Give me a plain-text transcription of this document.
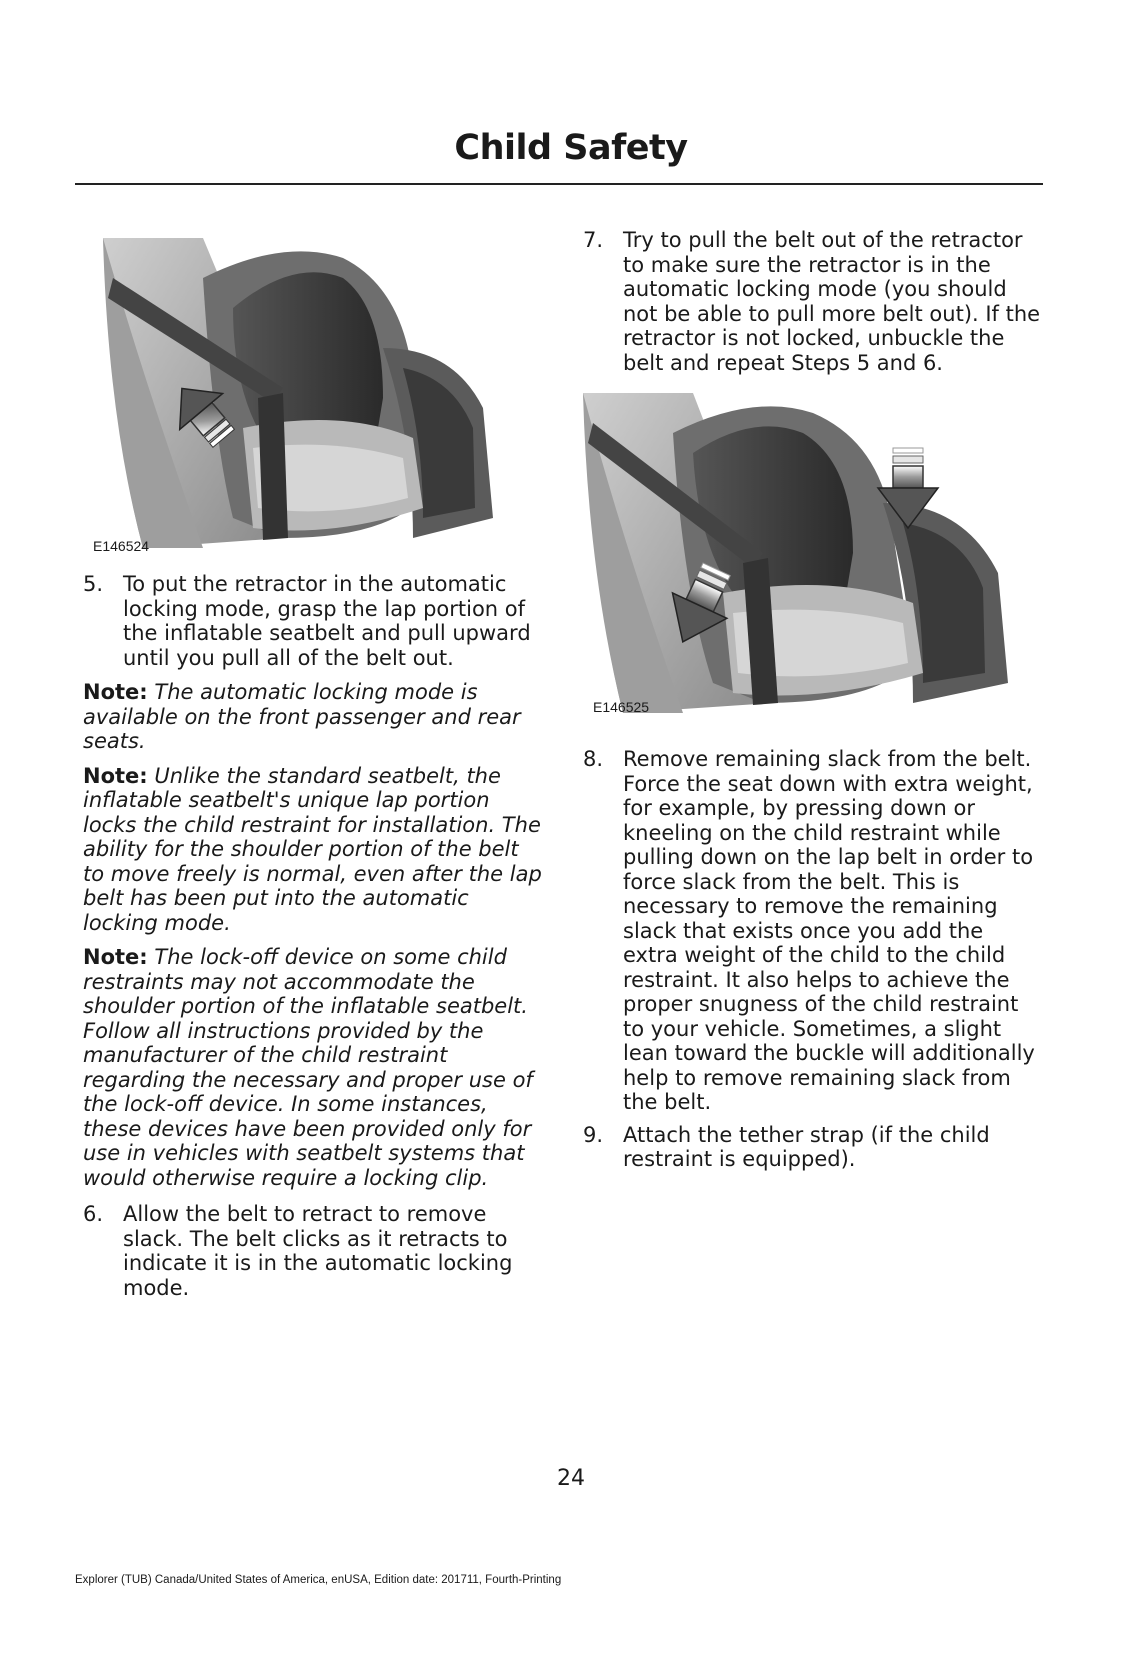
Child Safety
E146524
5. To put the retractor in the automatic locking mode, grasp the lap portion of the inflatable seatbelt and pull upward until you pull all of the belt out.

Note: The automatic locking mode is available on the front passenger and rear seats.

Note: Unlike the standard seatbelt, the inflatable seatbelt's unique lap portion locks the child restraint for installation. The ability for the shoulder portion of the belt to move freely is normal, even after the lap belt has been put into the automatic locking mode.

Note: The lock-off device on some child restraints may not accommodate the shoulder portion of the inflatable seatbelt. Follow all instructions provided by the manufacturer of the child restraint regarding the necessary and proper use of the lock-off device. In some instances, these devices have been provided only for use in vehicles with seatbelt systems that would otherwise require a locking clip.

6. Allow the belt to retract to remove slack. The belt clicks as it retracts to indicate it is in the automatic locking mode.
7. Try to pull the belt out of the retractor to make sure the retractor is in the automatic locking mode (you should not be able to pull more belt out). If the retractor is not locked, unbuckle the belt and repeat Steps 5 and 6.
E146525
8. Remove remaining slack from the belt. Force the seat down with extra weight, for example, by pressing down or kneeling on the child restraint while pulling down on the lap belt in order to force slack from the belt. This is necessary to remove the remaining slack that exists once you add the extra weight of the child to the child restraint. It also helps to achieve the proper snugness of the child restraint to your vehicle. Sometimes, a slight lean toward the buckle will additionally help to remove remaining slack from the belt.
9. Attach the tether strap (if the child restraint is equipped).
24
Explorer (TUB) Canada/United States of America, enUSA, Edition date: 201711, Fourth-Printing
